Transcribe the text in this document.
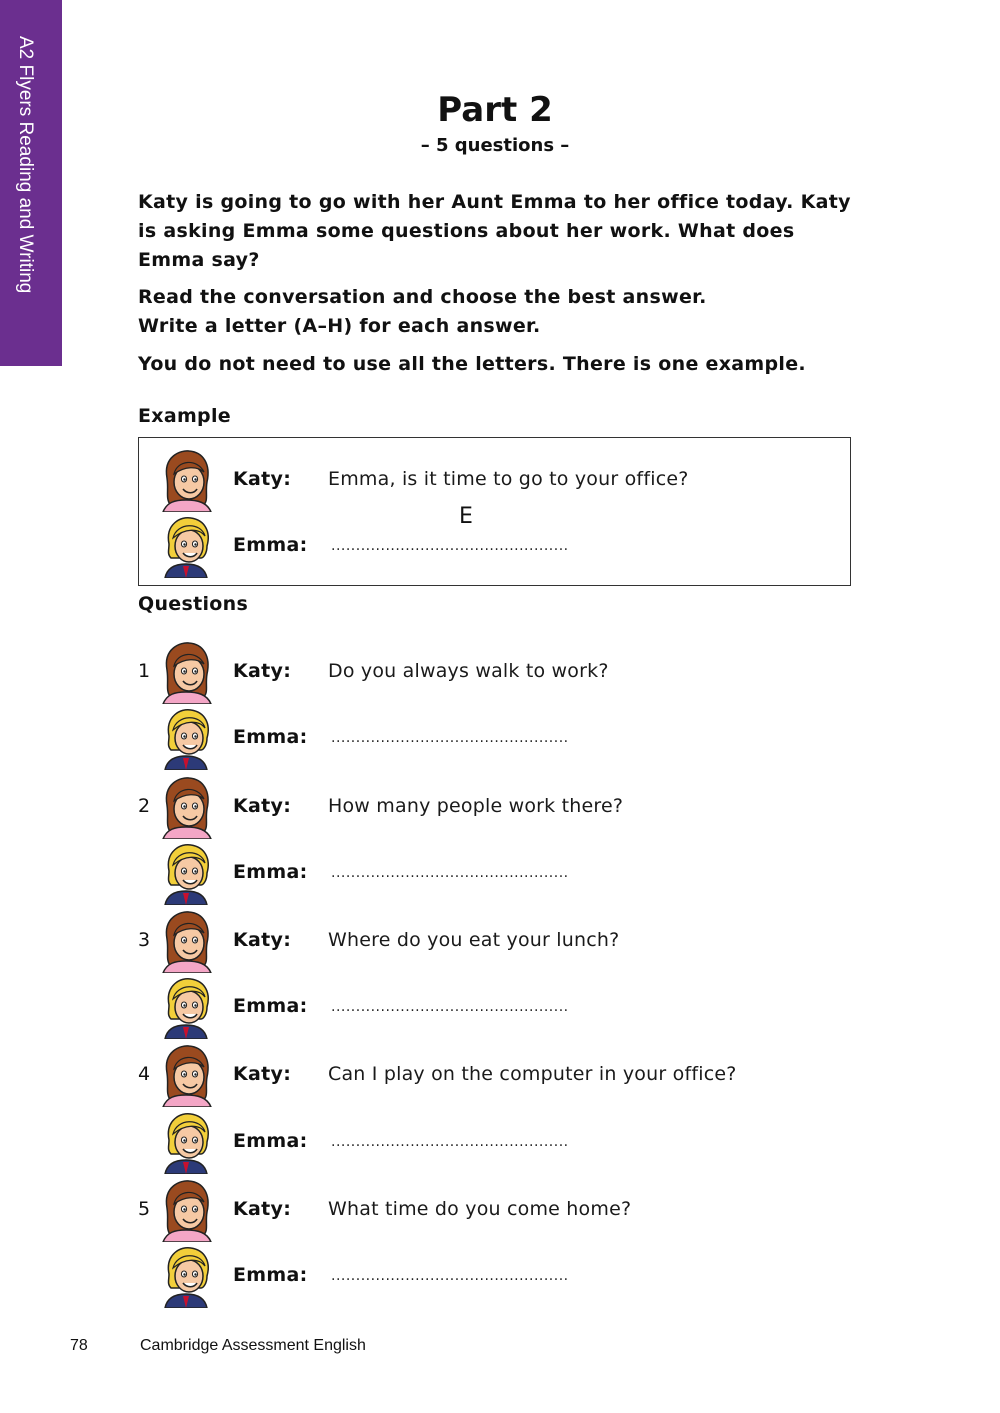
A2 Flyers Reading and Writing	Part 2
– 5 questions –
Katy is going to go with her Aunt Emma to her office today. Katy is asking Emma some questions about her work. What does Emma say?
Read the conversation and choose the best answer.
Write a letter (A–H) for each answer.
You do not need to use all the letters. There is one example.
Example
Katy: Emma, is it time to go to your office?
Emma: ................................................
E
Questions
1	Katy: Do you always walk to work?
Emma: ................................................
2	Katy: How many people work there?
Emma: ................................................
3	Katy: Where do you eat your lunch?
Emma: ................................................
4	Katy: Can I play on the computer in your office?
Emma: ................................................
5	Katy: What time do you come home?
Emma: ................................................
78	Cambridge Assessment English
